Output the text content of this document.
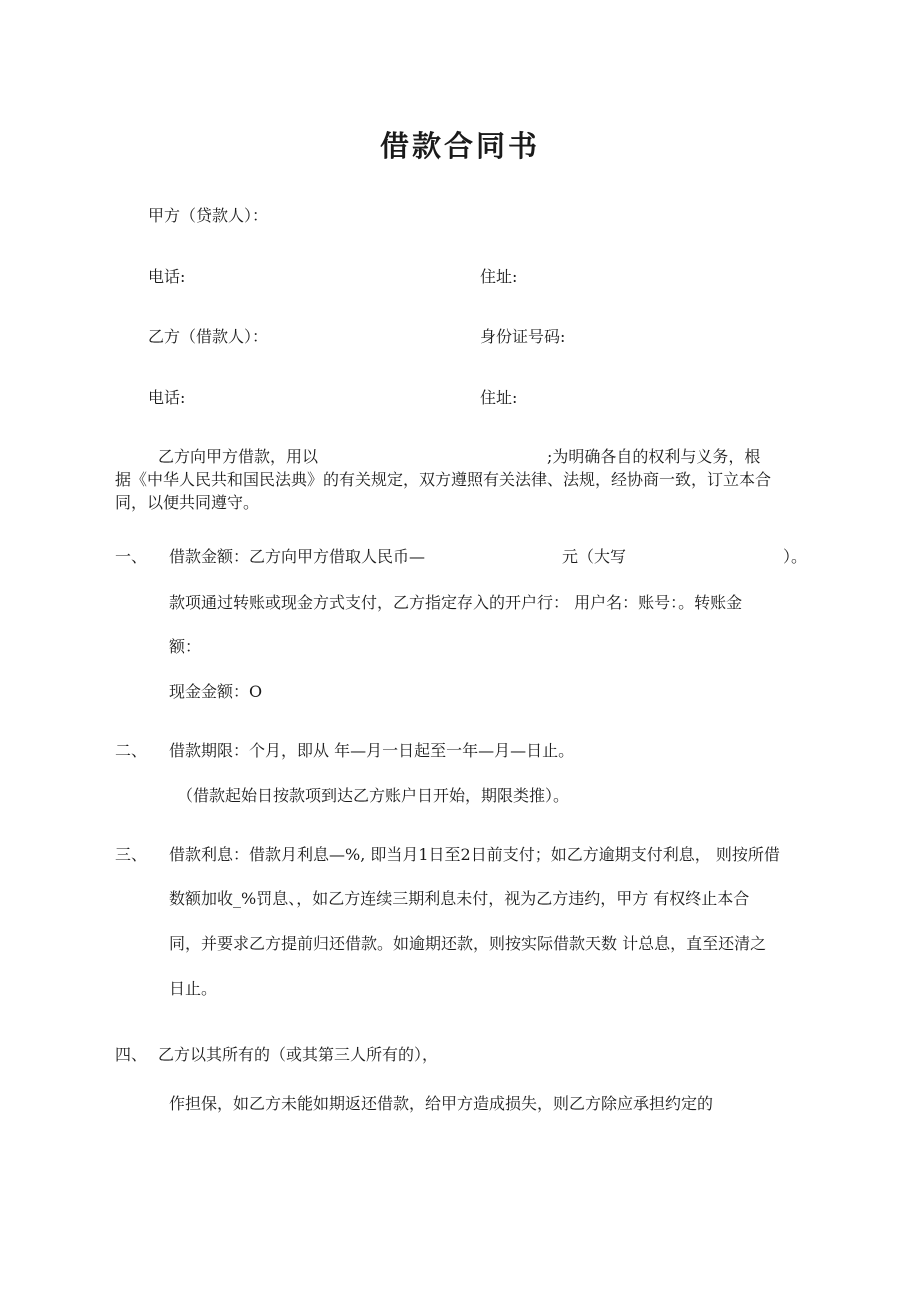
借款合同书
甲方（贷款人）：
电话:	住址:
乙方（借款人）：	身份证号码:
电话:	住址:
乙方向甲方借款，用以	;为明确各自的权利与义务，根
据《中华人民共和国民法典》的有关规定，双方遵照有关法律、法规，经协商一致，订立本合
同，以便共同遵守。
一、 借款金额：乙方向甲方借取人民币—	元（大写	）。
款项通过转账或现金方式支付，乙方指定存入的开户行： 用户名：账号：。转账金
额：
现金金额：O
二、 借款期限：个月，即从 年—月一日起至一年—月—日止。
（借款起始日按款项到达乙方账户日开始，期限类推）。
三、 借款利息：借款月利息—%, 即当月1日至2日前支付；如乙方逾期支付利息， 则按所借
数额加收_%罚息、，如乙方连续三期利息未付，视为乙方违约，甲方 有权终止本合
同，并要求乙方提前归还借款。如逾期还款，则按实际借款天数 计总息，直至还清之
日止。
四、 乙方以其所有的（或其第三人所有的），
作担保，如乙方未能如期返还借款，给甲方造成损失，则乙方除应承担约定的
